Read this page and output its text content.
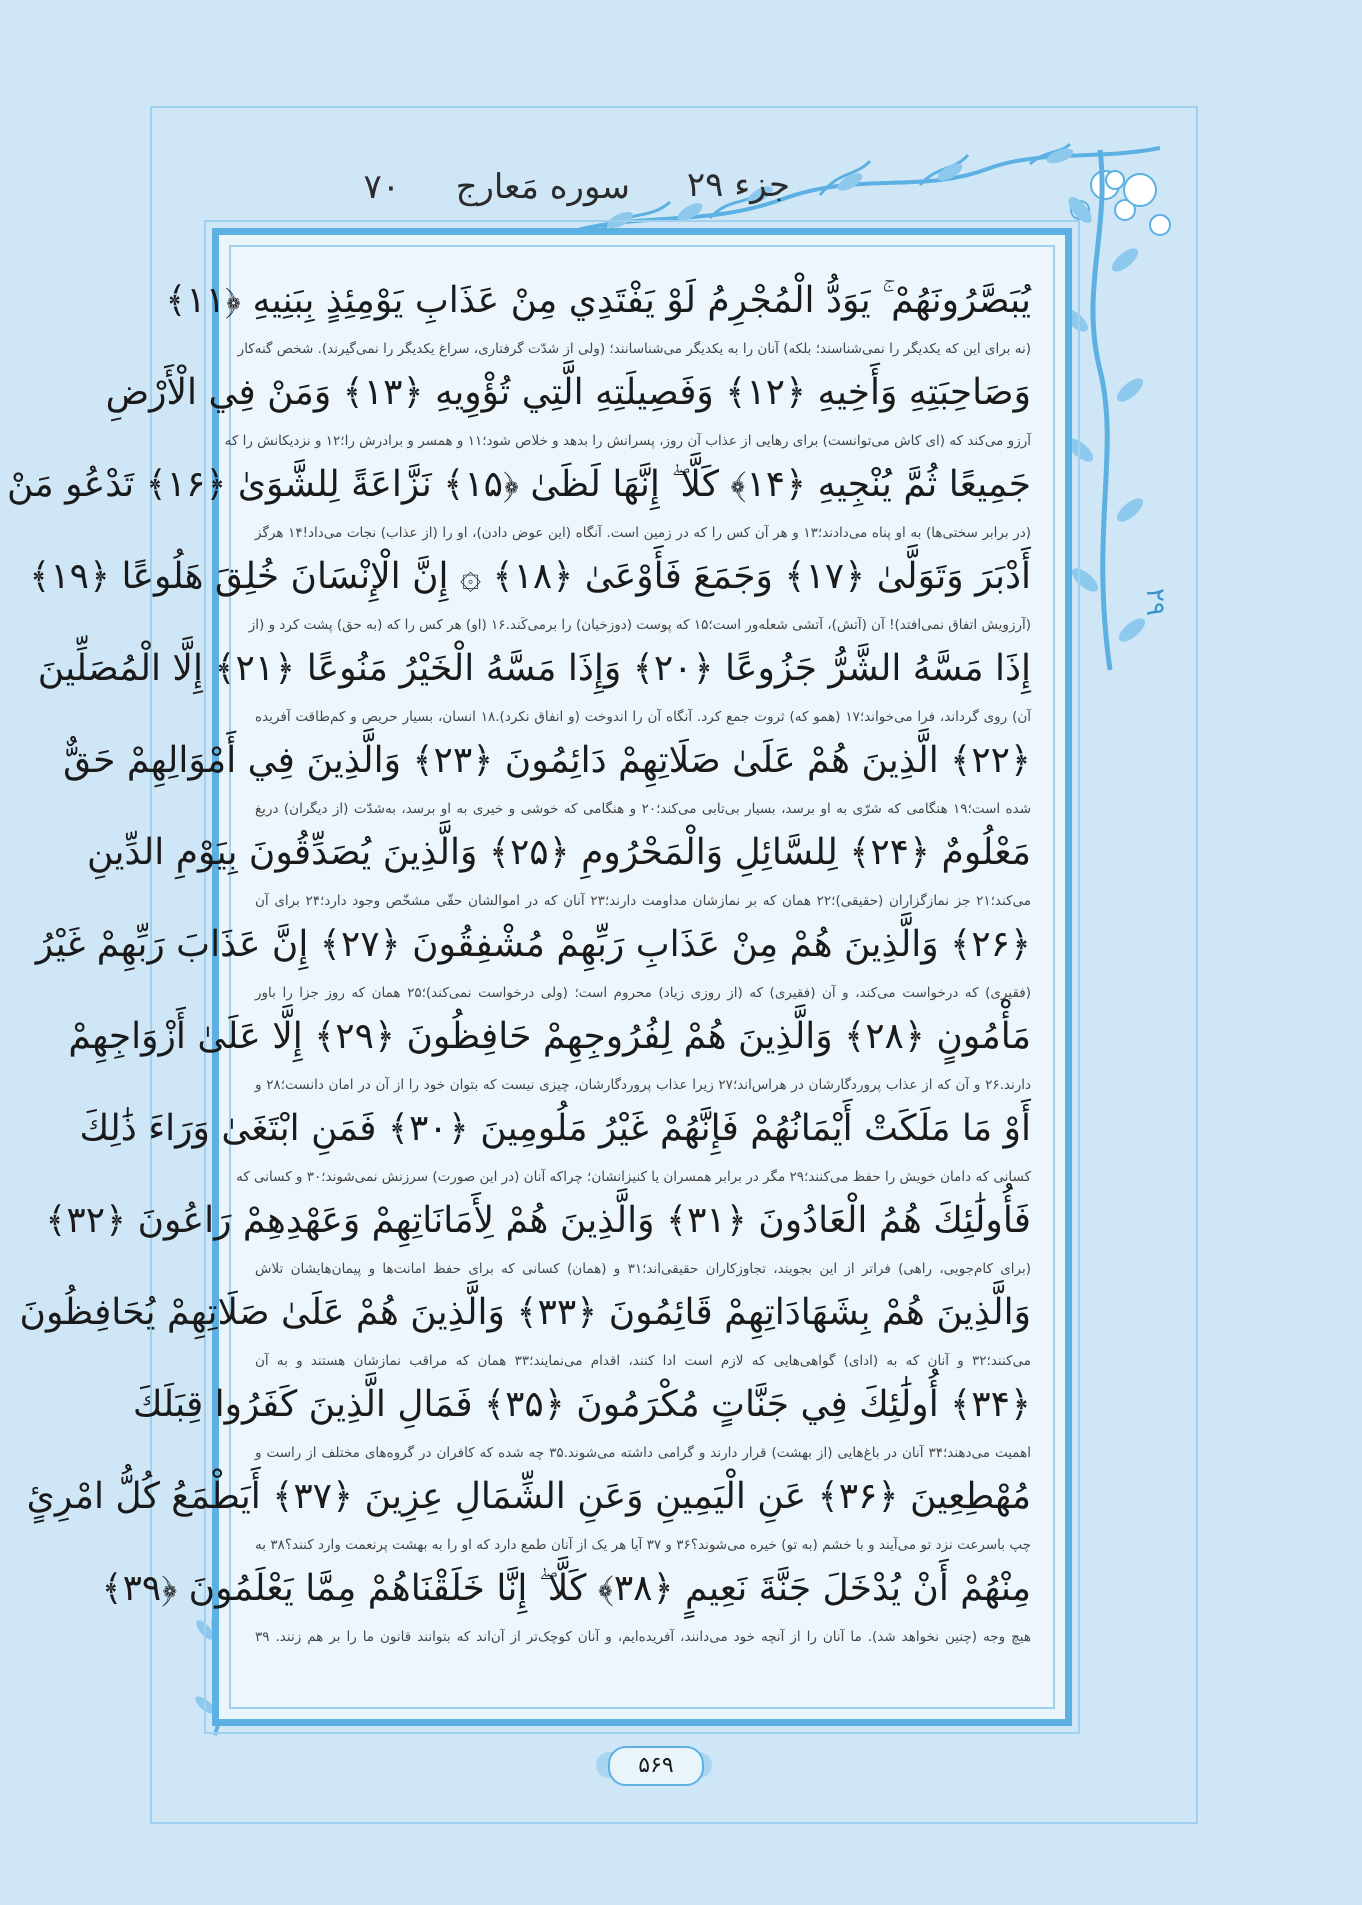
جزء ۲۹
سوره مَعارج
۷۰
۲۹
يُبَصَّرُونَهُمْ ۚ يَوَدُّ الْمُجْرِمُ لَوْ يَفْتَدِي مِنْ عَذَابِ يَوْمِئِذٍ بِبَنِيهِ ﴿۱۱﴾
(نه برای این که یکدیگر را نمی‌شناسند؛ بلکه) آنان را به یکدیگر می‌شناسانند؛ (ولی از شدّت گرفتاری، سراغ یکدیگر را نمی‌گیرند). شخص گنه‌کار
وَصَاحِبَتِهِ وَأَخِيهِ ﴿۱۲﴾ وَفَصِيلَتِهِ الَّتِي تُؤْوِيهِ ﴿۱۳﴾ وَمَنْ فِي الْأَرْضِ
آرزو می‌کند که (ای کاش می‌توانست) برای رهایی از عذاب آن روز، پسرانش را بدهد و خلاص شود؛۱۱ و همسر و برادرش را؛۱۲ و نزدیکانش را که
جَمِيعًا ثُمَّ يُنْجِيهِ ﴿۱۴﴾ كَلَّا ۖ إِنَّهَا لَظَىٰ ﴿۱۵﴾ نَزَّاعَةً لِلشَّوَىٰ ﴿۱۶﴾ تَدْعُو مَنْ
(در برابر سختی‌ها) به او پناه می‌دادند؛۱۳ و هر آن کس را که در زمین است. آنگاه (این عوض دادن)، او را (از عذاب) نجات می‌داد!۱۴ هرگز
أَدْبَرَ وَتَوَلَّىٰ ﴿۱۷﴾ وَجَمَعَ فَأَوْعَىٰ ﴿۱۸﴾ ۞ إِنَّ الْإِنْسَانَ خُلِقَ هَلُوعًا ﴿۱۹﴾
(آرزویش اتفاق نمی‌افتد)! آن (آتش)، آتشی شعله‌ور است؛۱۵ که پوست (دوزخیان) را برمی‌کَند.۱۶ (او) هر کس را که (به حق) پشت کرد و (از
إِذَا مَسَّهُ الشَّرُّ جَزُوعًا ﴿۲۰﴾ وَإِذَا مَسَّهُ الْخَيْرُ مَنُوعًا ﴿۲۱﴾ إِلَّا الْمُصَلِّينَ
آن) روی گرداند، فرا می‌خواند؛۱۷ (همو که) ثروت جمع کرد. آنگاه آن را اندوخت (و انفاق نکرد).۱۸ انسان، بسیار حریص و کم‌طاقت آفریده
﴿۲۲﴾ الَّذِينَ هُمْ عَلَىٰ صَلَاتِهِمْ دَائِمُونَ ﴿۲۳﴾ وَالَّذِينَ فِي أَمْوَالِهِمْ حَقٌّ
شده است؛۱۹ هنگامی که شرّی به او برسد، بسیار بی‌تابی می‌کند؛۲۰ و هنگامی که خوشی و خیری به او برسد، به‌شدّت (از دیگران) دریغ
مَعْلُومٌ ﴿۲۴﴾ لِلسَّائِلِ وَالْمَحْرُومِ ﴿۲۵﴾ وَالَّذِينَ يُصَدِّقُونَ بِيَوْمِ الدِّينِ
می‌کند؛۲۱ جز نمازگزاران (حقیقی)؛۲۲ همان که بر نمازشان مداومت دارند؛۲۳ آنان که در اموالشان حقّی مشخّص وجود دارد؛۲۴ برای آن
﴿۲۶﴾ وَالَّذِينَ هُمْ مِنْ عَذَابِ رَبِّهِمْ مُشْفِقُونَ ﴿۲۷﴾ إِنَّ عَذَابَ رَبِّهِمْ غَيْرُ
(فقیری) که درخواست می‌کند، و آن (فقیری) که (از روزی زیاد) محروم است؛ (ولی درخواست نمی‌کند)؛۲۵ همان که روز جزا را باور
مَأْمُونٍ ﴿۲۸﴾ وَالَّذِينَ هُمْ لِفُرُوجِهِمْ حَافِظُونَ ﴿۲۹﴾ إِلَّا عَلَىٰ أَزْوَاجِهِمْ
دارند.۲۶ و آن که از عذاب پروردگارشان در هراس‌اند؛۲۷ زیرا عذاب پروردگارشان، چیزی نیست که بتوان خود را از آن در امان دانست؛۲۸ و
أَوْ مَا مَلَكَتْ أَيْمَانُهُمْ فَإِنَّهُمْ غَيْرُ مَلُومِينَ ﴿۳۰﴾ فَمَنِ ابْتَغَىٰ وَرَاءَ ذَٰلِكَ
کسانی که دامان خویش را حفظ می‌کنند؛۲۹ مگر در برابر همسران یا کنیزانشان؛ چراکه آنان (در این صورت) سرزنش نمی‌شوند؛۳۰ و کسانی که
فَأُولَٰئِكَ هُمُ الْعَادُونَ ﴿۳۱﴾ وَالَّذِينَ هُمْ لِأَمَانَاتِهِمْ وَعَهْدِهِمْ رَاعُونَ ﴿۳۲﴾
(برای کام‌جویی، راهی) فراتر از این بجویند، تجاوزکاران حقیقی‌اند؛۳۱ و (همان) کسانی که برای حفظ امانت‌ها و پیمان‌هایشان تلاش
وَالَّذِينَ هُمْ بِشَهَادَاتِهِمْ قَائِمُونَ ﴿۳۳﴾ وَالَّذِينَ هُمْ عَلَىٰ صَلَاتِهِمْ يُحَافِظُونَ
می‌کنند؛۳۲ و آنان که به (ادای) گواهی‌هایی که لازم است ادا کنند، اقدام می‌نمایند؛۳۳ همان که مراقب نمازشان هستند و به آن
﴿۳۴﴾ أُولَٰئِكَ فِي جَنَّاتٍ مُكْرَمُونَ ﴿۳۵﴾ فَمَالِ الَّذِينَ كَفَرُوا قِبَلَكَ
اهمیت می‌دهند؛۳۴ آنان در باغ‌هایی (از بهشت) قرار دارند و گرامی داشته می‌شوند.۳۵ چه شده که کافران در گروه‌های مختلف از راست و
مُهْطِعِينَ ﴿۳۶﴾ عَنِ الْيَمِينِ وَعَنِ الشِّمَالِ عِزِينَ ﴿۳۷﴾ أَيَطْمَعُ كُلُّ امْرِئٍ
چپ باسرعت نزد تو می‌آیند و با خشم (به تو) خیره می‌شوند؟۳۶ و ۳۷ آیا هر یک از آنان طمع دارد که او را به بهشت پرنعمت وارد کنند؟۳۸ به
مِنْهُمْ أَنْ يُدْخَلَ جَنَّةَ نَعِيمٍ ﴿۳۸﴾ كَلَّا ۖ إِنَّا خَلَقْنَاهُمْ مِمَّا يَعْلَمُونَ ﴿۳۹﴾
هیچ وجه (چنین نخواهد شد). ما آنان را از آنچه خود می‌دانند، آفریده‌ایم، و آنان کوچک‌تر از آن‌اند که بتوانند قانون ما را بر هم زنند. ۳۹
۵۶۹
